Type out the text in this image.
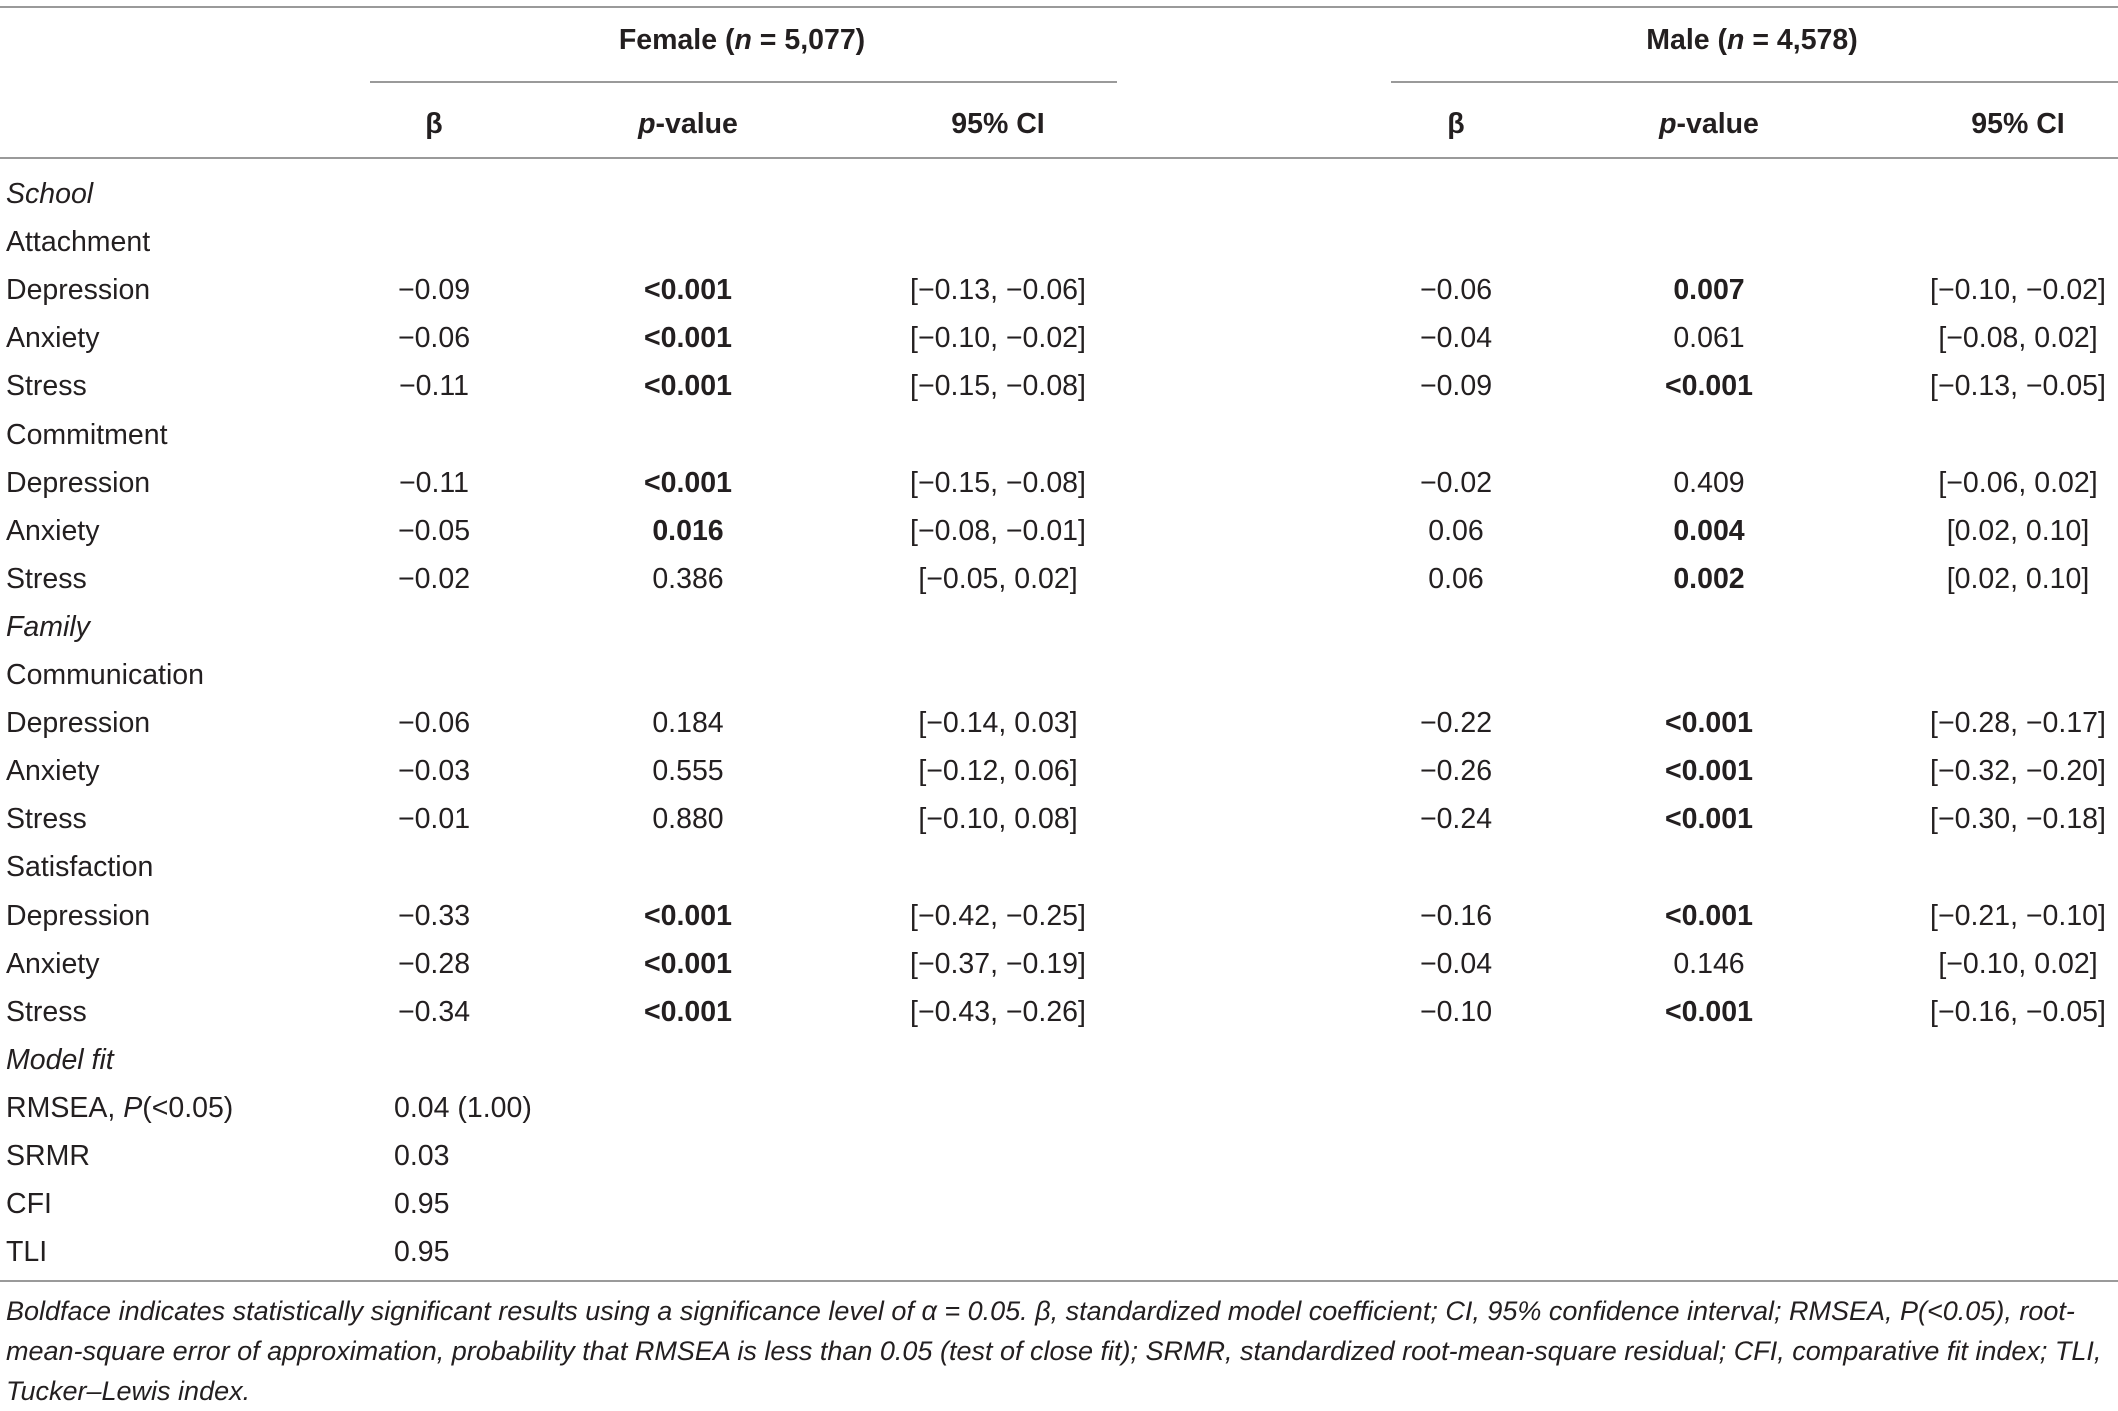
Female (n = 5,077)	Male (n = 4,578)
β	p-value	95% CI	β	p-value	95% CI
School
Attachment
Depression	−0.09	<0.001	[−0.13, −0.06]	−0.06	0.007	[−0.10, −0.02]
Anxiety	−0.06	<0.001	[−0.10, −0.02]	−0.04	0.061	[−0.08, 0.02]
Stress	−0.11	<0.001	[−0.15, −0.08]	−0.09	<0.001	[−0.13, −0.05]
Commitment
Depression	−0.11	<0.001	[−0.15, −0.08]	−0.02	0.409	[−0.06, 0.02]
Anxiety	−0.05	0.016	[−0.08, −0.01]	0.06	0.004	[0.02, 0.10]
Stress	−0.02	0.386	[−0.05, 0.02]	0.06	0.002	[0.02, 0.10]
Family
Communication
Depression	−0.06	0.184	[−0.14, 0.03]	−0.22	<0.001	[−0.28, −0.17]
Anxiety	−0.03	0.555	[−0.12, 0.06]	−0.26	<0.001	[−0.32, −0.20]
Stress	−0.01	0.880	[−0.10, 0.08]	−0.24	<0.001	[−0.30, −0.18]
Satisfaction
Depression	−0.33	<0.001	[−0.42, −0.25]	−0.16	<0.001	[−0.21, −0.10]
Anxiety	−0.28	<0.001	[−0.37, −0.19]	−0.04	0.146	[−0.10, 0.02]
Stress	−0.34	<0.001	[−0.43, −0.26]	−0.10	<0.001	[−0.16, −0.05]
Model fit
RMSEA, P(<0.05)	0.04 (1.00)
SRMR	0.03
CFI	0.95
TLI	0.95
Boldface indicates statistically significant results using a significance level of α = 0.05. β, standardized model coefficient; CI, 95% confidence interval; RMSEA, P(<0.05), root-mean-square error of approximation, probability that RMSEA is less than 0.05 (test of close fit); SRMR, standardized root-mean-square residual; CFI, comparative fit index; TLI, Tucker–Lewis index.
